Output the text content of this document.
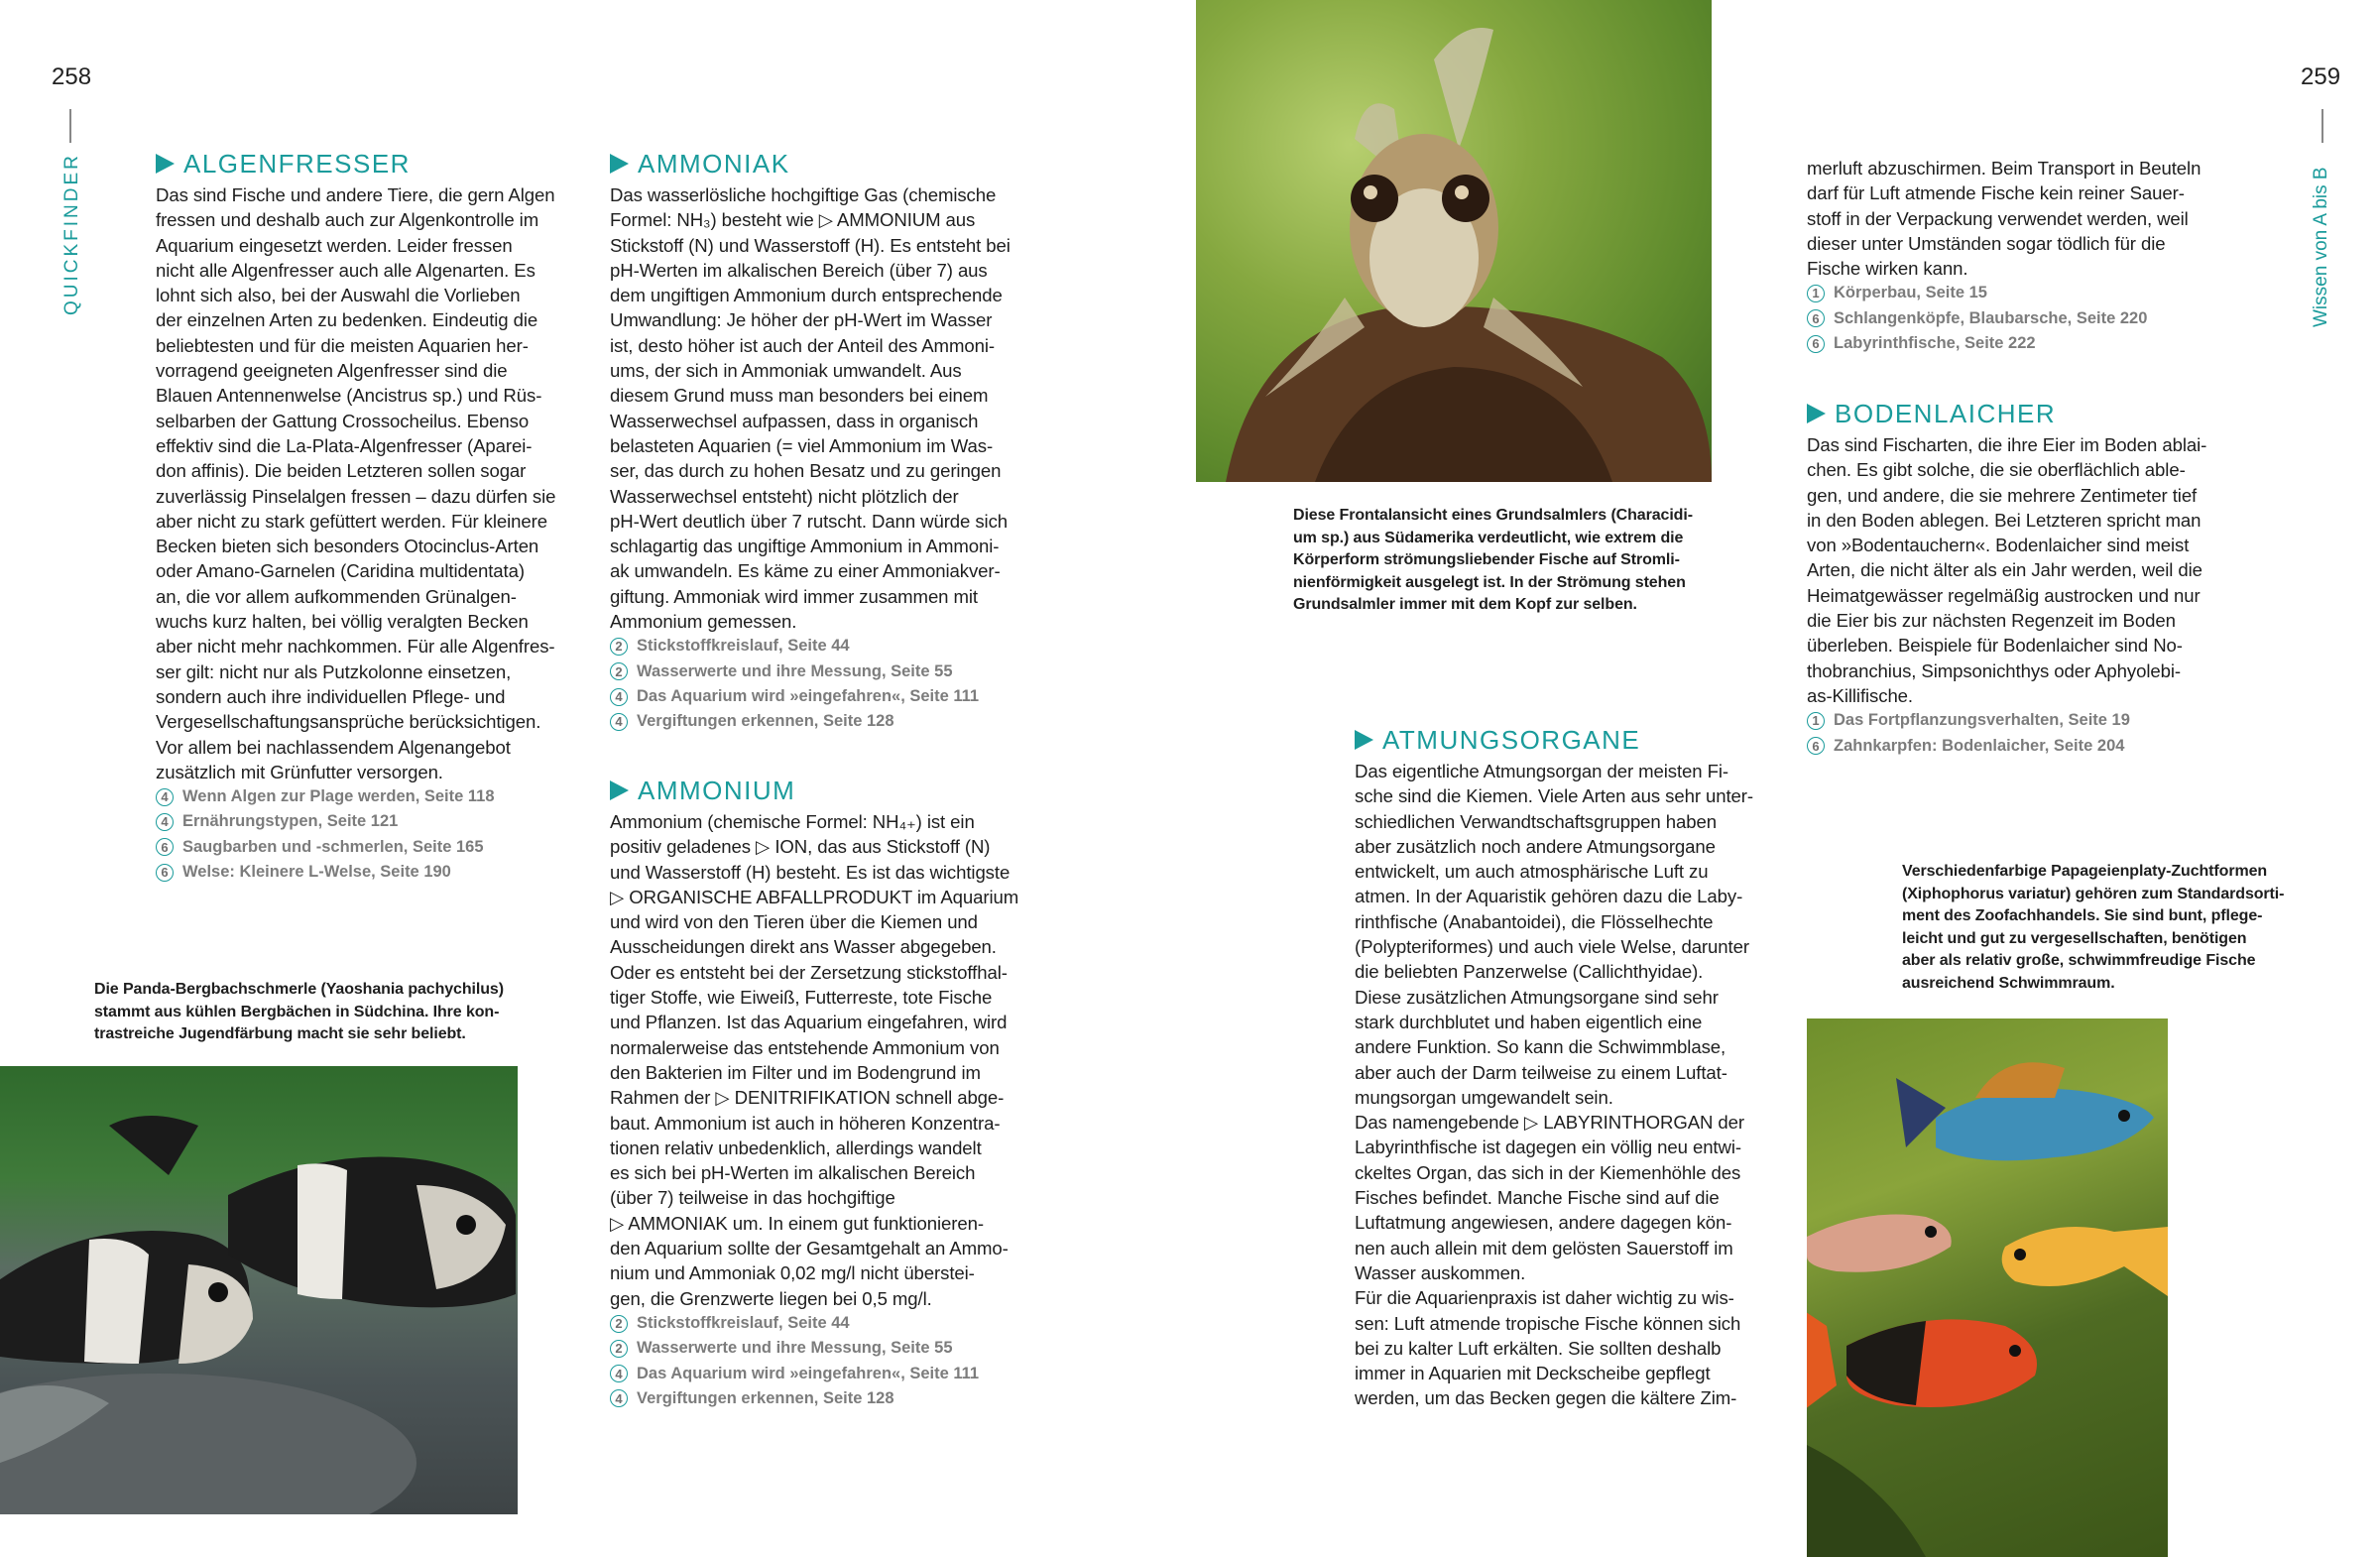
258
QUICKFINDER
259
Wissen von A bis B
ALGENFRESSER
Das sind Fische und andere Tiere, die gern Algen
fressen und deshalb auch zur Algenkontrolle im
Aquarium eingesetzt werden. Leider fressen
nicht alle Algenfresser auch alle Algenarten. Es
lohnt sich also, bei der Auswahl die Vorlieben
der einzelnen Arten zu bedenken. Eindeutig die
beliebtesten und für die meisten Aquarien her-
vorragend geeigneten Algenfresser sind die
Blauen Antennenwelse (Ancistrus sp.) und Rüs-
selbarben der Gattung Crossocheilus. Ebenso
effektiv sind die La-Plata-Algenfresser (Aparei-
don affinis). Die beiden Letzteren sollen sogar
zuverlässig Pinselalgen fressen – dazu dürfen sie
aber nicht zu stark gefüttert werden. Für kleinere
Becken bieten sich besonders Otocinclus-Arten
oder Amano-Garnelen (Caridina multidentata)
an, die vor allem aufkommenden Grünalgen-
wuchs kurz halten, bei völlig veralgten Becken
aber nicht mehr nachkommen. Für alle Algenfres-
ser gilt: nicht nur als Putzkolonne einsetzen,
sondern auch ihre individuellen Pflege- und
Vergesellschaftungsansprüche berücksichtigen.
Vor allem bei nachlassendem Algenangebot
zusätzlich mit Grünfutter versorgen.
4 Wenn Algen zur Plage werden, Seite 118
4 Ernährungstypen, Seite 121
6 Saugbarben und -schmerlen, Seite 165
6 Welse: Kleinere L-Welse, Seite 190
AMMONIAK
Das wasserlösliche hochgiftige Gas (chemische
Formel: NH₃) besteht wie ▷ AMMONIUM aus
Stickstoff (N) und Wasserstoff (H). Es entsteht bei
pH-Werten im alkalischen Bereich (über 7) aus
dem ungiftigen Ammonium durch entsprechende
Umwandlung: Je höher der pH-Wert im Wasser
ist, desto höher ist auch der Anteil des Ammoni-
ums, der sich in Ammoniak umwandelt. Aus
diesem Grund muss man besonders bei einem
Wasserwechsel aufpassen, dass in organisch
belasteten Aquarien (= viel Ammonium im Was-
ser, das durch zu hohen Besatz und zu geringen
Wasserwechsel entsteht) nicht plötzlich der
pH-Wert deutlich über 7 rutscht. Dann würde sich
schlagartig das ungiftige Ammonium in Ammoni-
ak umwandeln. Es käme zu einer Ammoniakver-
giftung. Ammoniak wird immer zusammen mit
Ammonium gemessen.
2 Stickstoffkreislauf, Seite 44
2 Wasserwerte und ihre Messung, Seite 55
4 Das Aquarium wird »eingefahren«, Seite 111
4 Vergiftungen erkennen, Seite 128
AMMONIUM
Ammonium (chemische Formel: NH₄₊) ist ein
positiv geladenes ▷ ION, das aus Stickstoff (N)
und Wasserstoff (H) besteht. Es ist das wichtigste
▷ ORGANISCHE ABFALLPRODUKT im Aquarium
und wird von den Tieren über die Kiemen und
Ausscheidungen direkt ans Wasser abgegeben.
Oder es entsteht bei der Zersetzung stickstoffhal-
tiger Stoffe, wie Eiweiß, Futterreste, tote Fische
und Pflanzen. Ist das Aquarium eingefahren, wird
normalerweise das entstehende Ammonium von
den Bakterien im Filter und im Bodengrund im
Rahmen der ▷ DENITRIFIKATION schnell abge-
baut. Ammonium ist auch in höheren Konzentra-
tionen relativ unbedenklich, allerdings wandelt
es sich bei pH-Werten im alkalischen Bereich
(über 7) teilweise in das hochgiftige
▷ AMMONIAK um. In einem gut funktionieren-
den Aquarium sollte der Gesamtgehalt an Ammo-
nium und Ammoniak 0,02 mg/l nicht überstei-
gen, die Grenzwerte liegen bei 0,5 mg/l.
2 Stickstoffkreislauf, Seite 44
2 Wasserwerte und ihre Messung, Seite 55
4 Das Aquarium wird »eingefahren«, Seite 111
4 Vergiftungen erkennen, Seite 128
ATMUNGSORGANE
Das eigentliche Atmungsorgan der meisten Fi-
sche sind die Kiemen. Viele Arten aus sehr unter-
schiedlichen Verwandtschaftsgruppen haben
aber zusätzlich noch andere Atmungsorgane
entwickelt, um auch atmosphärische Luft zu
atmen. In der Aquaristik gehören dazu die Laby-
rinthfische (Anabantoidei), die Flösselhechte
(Polypteriformes) und auch viele Welse, darunter
die beliebten Panzerwelse (Callichthyidae).
Diese zusätzlichen Atmungsorgane sind sehr
stark durchblutet und haben eigentlich eine
andere Funktion. So kann die Schwimmblase,
aber auch der Darm teilweise zu einem Luftat-
mungsorgan umgewandelt sein.
Das namengebende ▷ LABYRINTHORGAN der
Labyrinthfische ist dagegen ein völlig neu entwi-
ckeltes Organ, das sich in der Kiemenhöhle des
Fisches befindet. Manche Fische sind auf die
Luftatmung angewiesen, andere dagegen kön-
nen auch allein mit dem gelösten Sauerstoff im
Wasser auskommen.
Für die Aquarienpraxis ist daher wichtig zu wis-
sen: Luft atmende tropische Fische können sich
bei zu kalter Luft erkälten. Sie sollten deshalb
immer in Aquarien mit Deckscheibe gepflegt
werden, um das Becken gegen die kältere Zim-
merluft abzuschirmen. Beim Transport in Beuteln
darf für Luft atmende Fische kein reiner Sauer-
stoff in der Verpackung verwendet werden, weil
dieser unter Umständen sogar tödlich für die
Fische wirken kann.
1 Körperbau, Seite 15
6 Schlangenköpfe, Blaubarsche, Seite 220
6 Labyrinthfische, Seite 222
BODENLAICHER
Das sind Fischarten, die ihre Eier im Boden ablai-
chen. Es gibt solche, die sie oberflächlich able-
gen, und andere, die sie mehrere Zentimeter tief
in den Boden ablegen. Bei Letzteren spricht man
von »Bodentauchern«. Bodenlaicher sind meist
Arten, die nicht älter als ein Jahr werden, weil die
Heimatgewässer regelmäßig austrocken und nur
die Eier bis zur nächsten Regenzeit im Boden
überleben. Beispiele für Bodenlaicher sind No-
thobranchius, Simpsonichthys oder Aphyolebi-
as-Killifische.
1 Das Fortpflanzungsverhalten, Seite 19
6 Zahnkarpfen: Bodenlaicher, Seite 204
Die Panda-Bergbachschmerle (Yaoshania pachychilus)
stammt aus kühlen Bergbächen in Südchina. Ihre kon-
trastreiche Jugendfärbung macht sie sehr beliebt.
Diese Frontalansicht eines Grundsalmlers (Characidi-
um sp.) aus Südamerika verdeutlicht, wie extrem die
Körperform strömungsliebender Fische auf Stromli-
nienförmigkeit ausgelegt ist. In der Strömung stehen
Grundsalmler immer mit dem Kopf zur selben.
Verschiedenfarbige Papageienplaty-Zuchtformen
(Xiphophorus variatur) gehören zum Standardsorti-
ment des Zoofachhandels. Sie sind bunt, pflege-
leicht und gut zu vergesellschaften, benötigen
aber als relativ große, schwimmfreudige Fische
ausreichend Schwimmraum.
